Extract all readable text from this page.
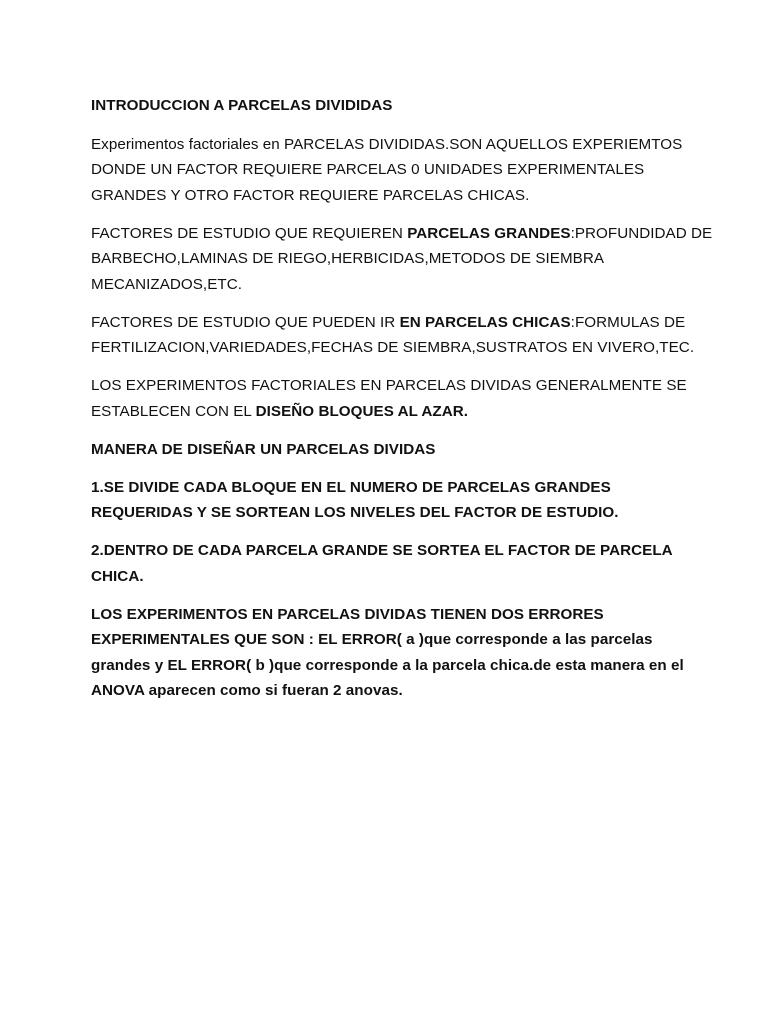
INTRODUCCION A PARCELAS DIVIDIDAS
Experimentos factoriales en PARCELAS DIVIDIDAS.SON AQUELLOS EXPERIEMTOS
DONDE UN FACTOR REQUIERE PARCELAS 0 UNIDADES EXPERIMENTALES
GRANDES Y OTRO FACTOR REQUIERE PARCELAS CHICAS.
FACTORES DE ESTUDIO QUE REQUIEREN PARCELAS GRANDES:PROFUNDIDAD DE
BARBECHO,LAMINAS DE RIEGO,HERBICIDAS,METODOS DE SIEMBRA
MECANIZADOS,ETC.
FACTORES DE ESTUDIO QUE PUEDEN IR EN PARCELAS CHICAS:FORMULAS DE
FERTILIZACION,VARIEDADES,FECHAS DE SIEMBRA,SUSTRATOS EN VIVERO,TEC.
LOS EXPERIMENTOS FACTORIALES EN PARCELAS DIVIDAS GENERALMENTE SE
ESTABLECEN CON EL DISEÑO BLOQUES AL AZAR.
MANERA DE DISEÑAR UN PARCELAS DIVIDAS
1.SE DIVIDE CADA BLOQUE EN EL NUMERO DE PARCELAS GRANDES
REQUERIDAS Y SE SORTEAN LOS NIVELES DEL FACTOR DE ESTUDIO.
2.DENTRO DE CADA PARCELA GRANDE SE SORTEA EL FACTOR DE PARCELA
CHICA.
LOS EXPERIMENTOS EN PARCELAS DIVIDAS TIENEN DOS ERRORES
EXPERIMENTALES QUE SON : EL ERROR( a )que corresponde a las parcelas
grandes y EL ERROR( b )que corresponde a la parcela chica.de esta manera en el
ANOVA aparecen como si fueran 2 anovas.
